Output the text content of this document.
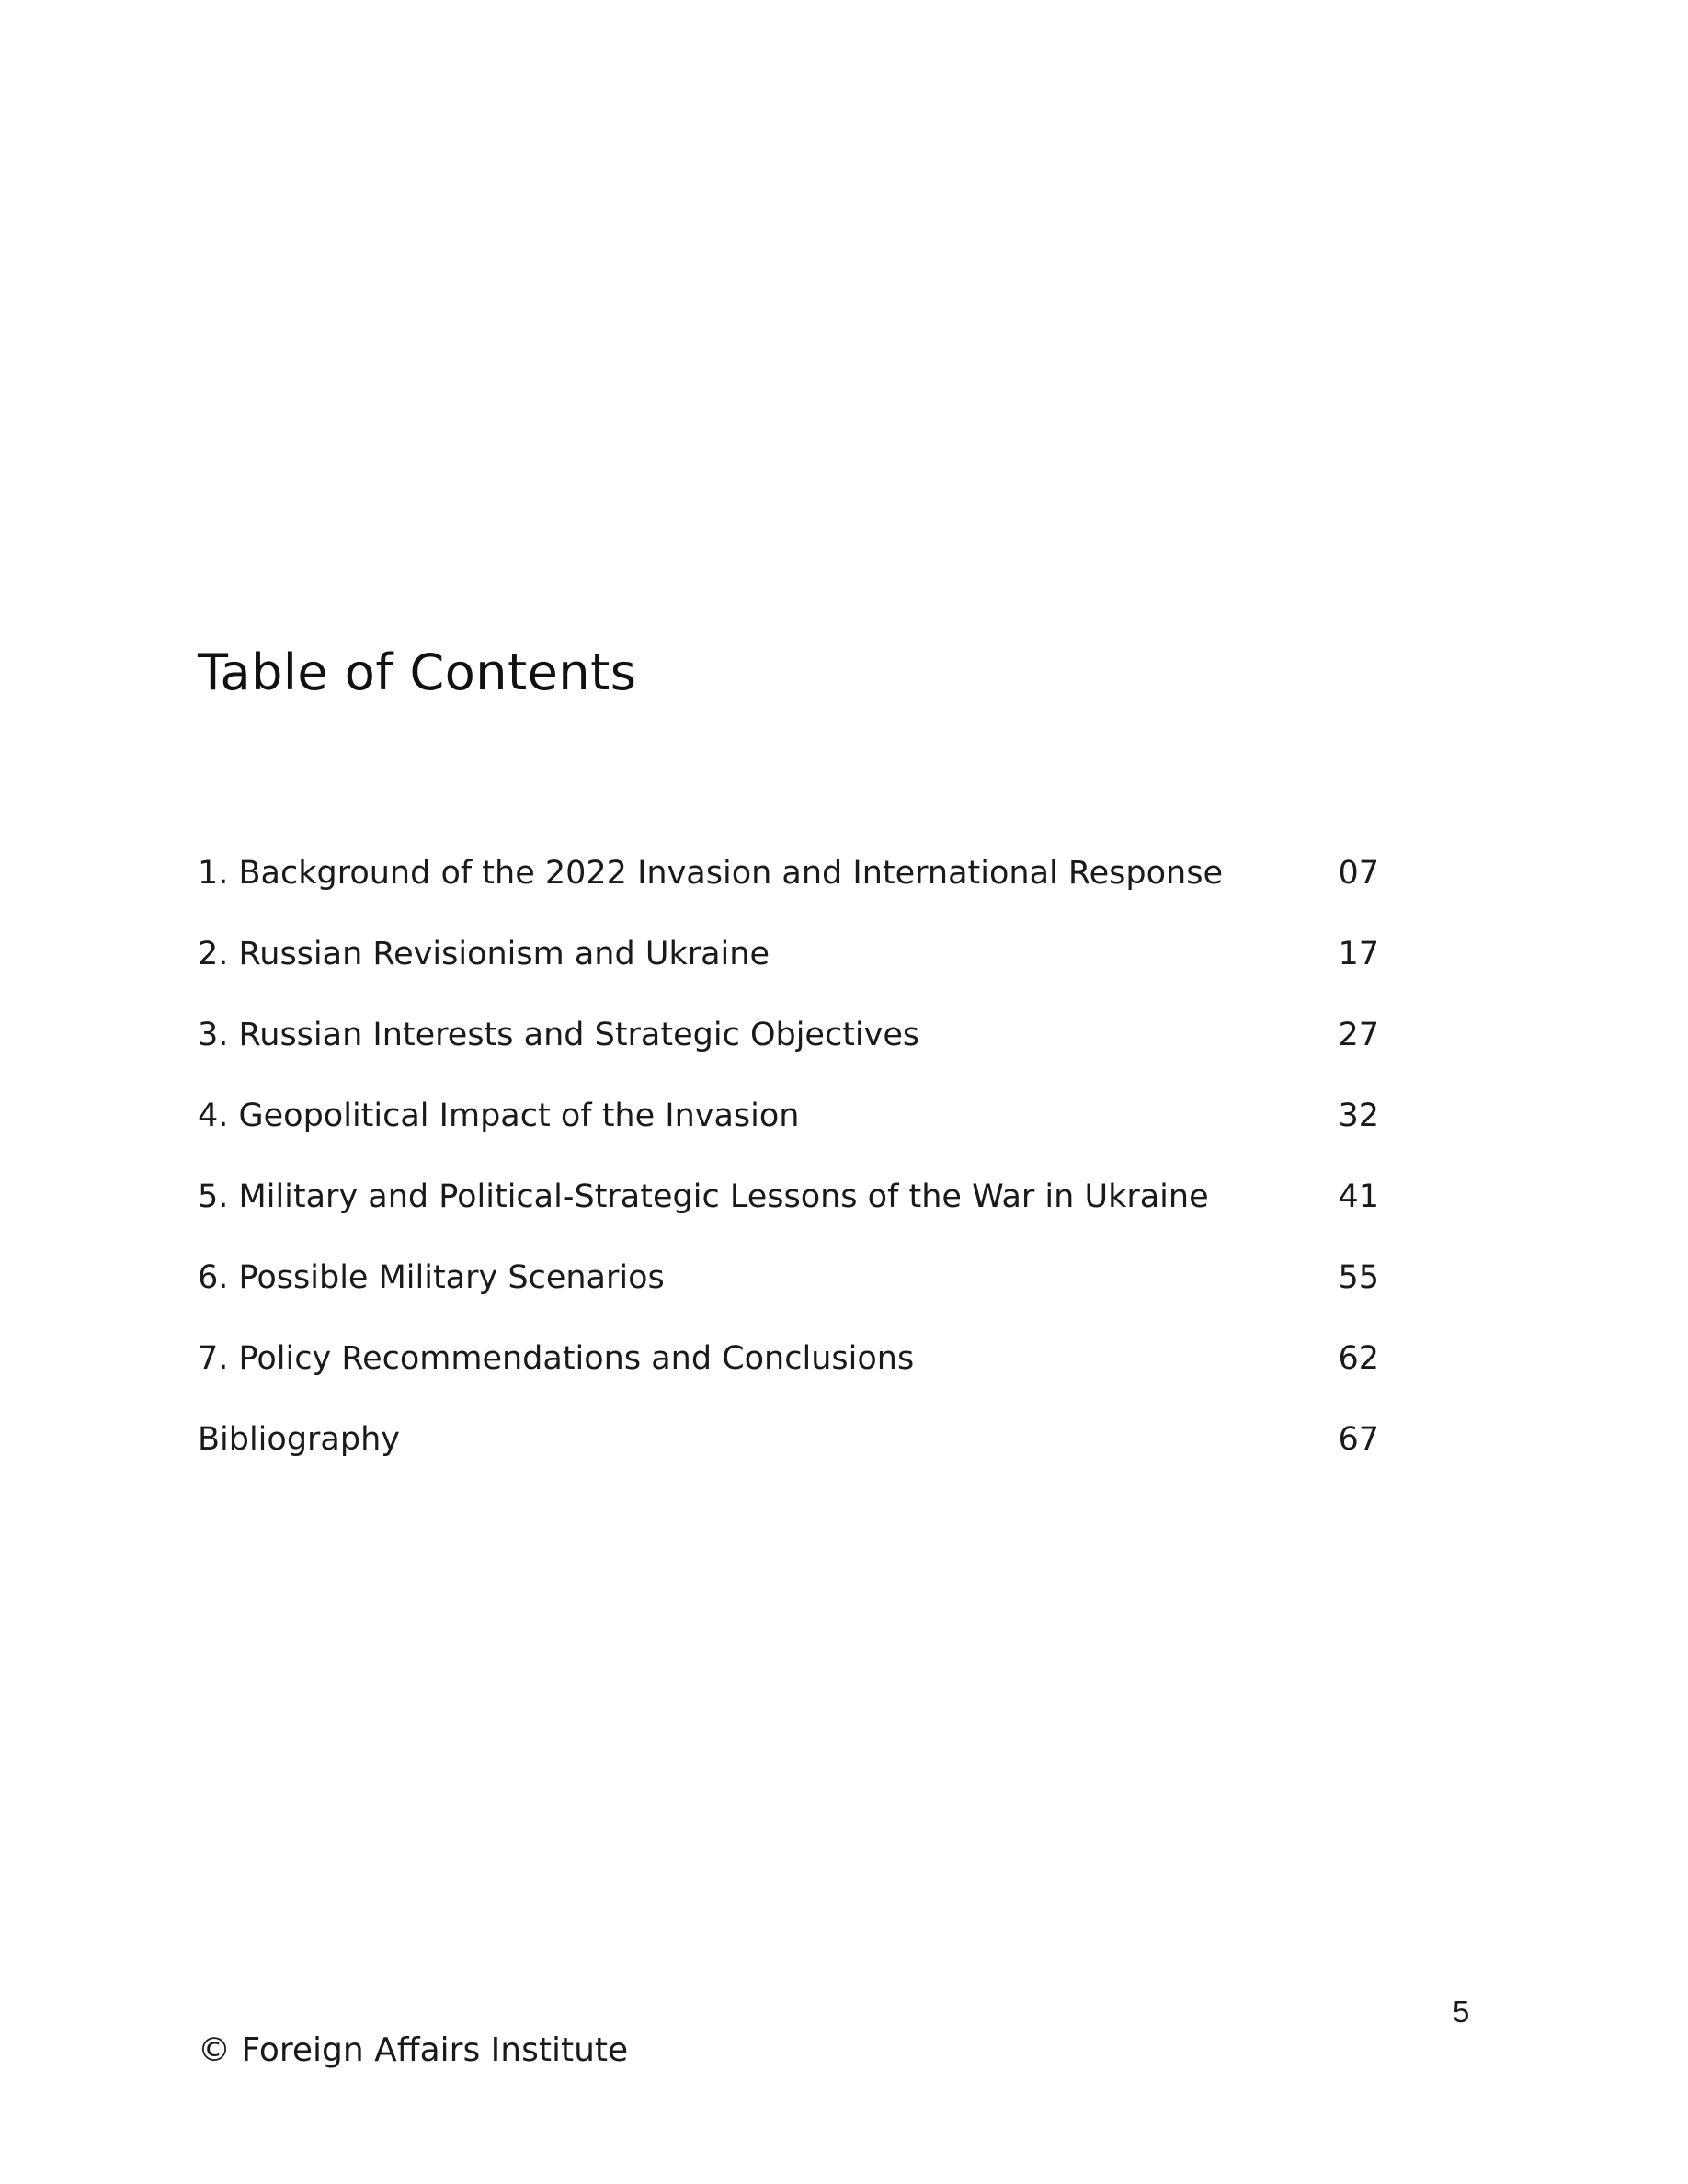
Table of Contents
1. Background of the 2022 Invasion and International Response	07
2. Russian Revisionism and Ukraine	17
3. Russian Interests and Strategic Objectives	27
4. Geopolitical Impact of the Invasion	32
5. Military and Political-Strategic Lessons of the War in Ukraine	41
6. Possible Military Scenarios	55
7. Policy Recommendations and Conclusions	62
Bibliography	67
5
© Foreign Affairs Institute
